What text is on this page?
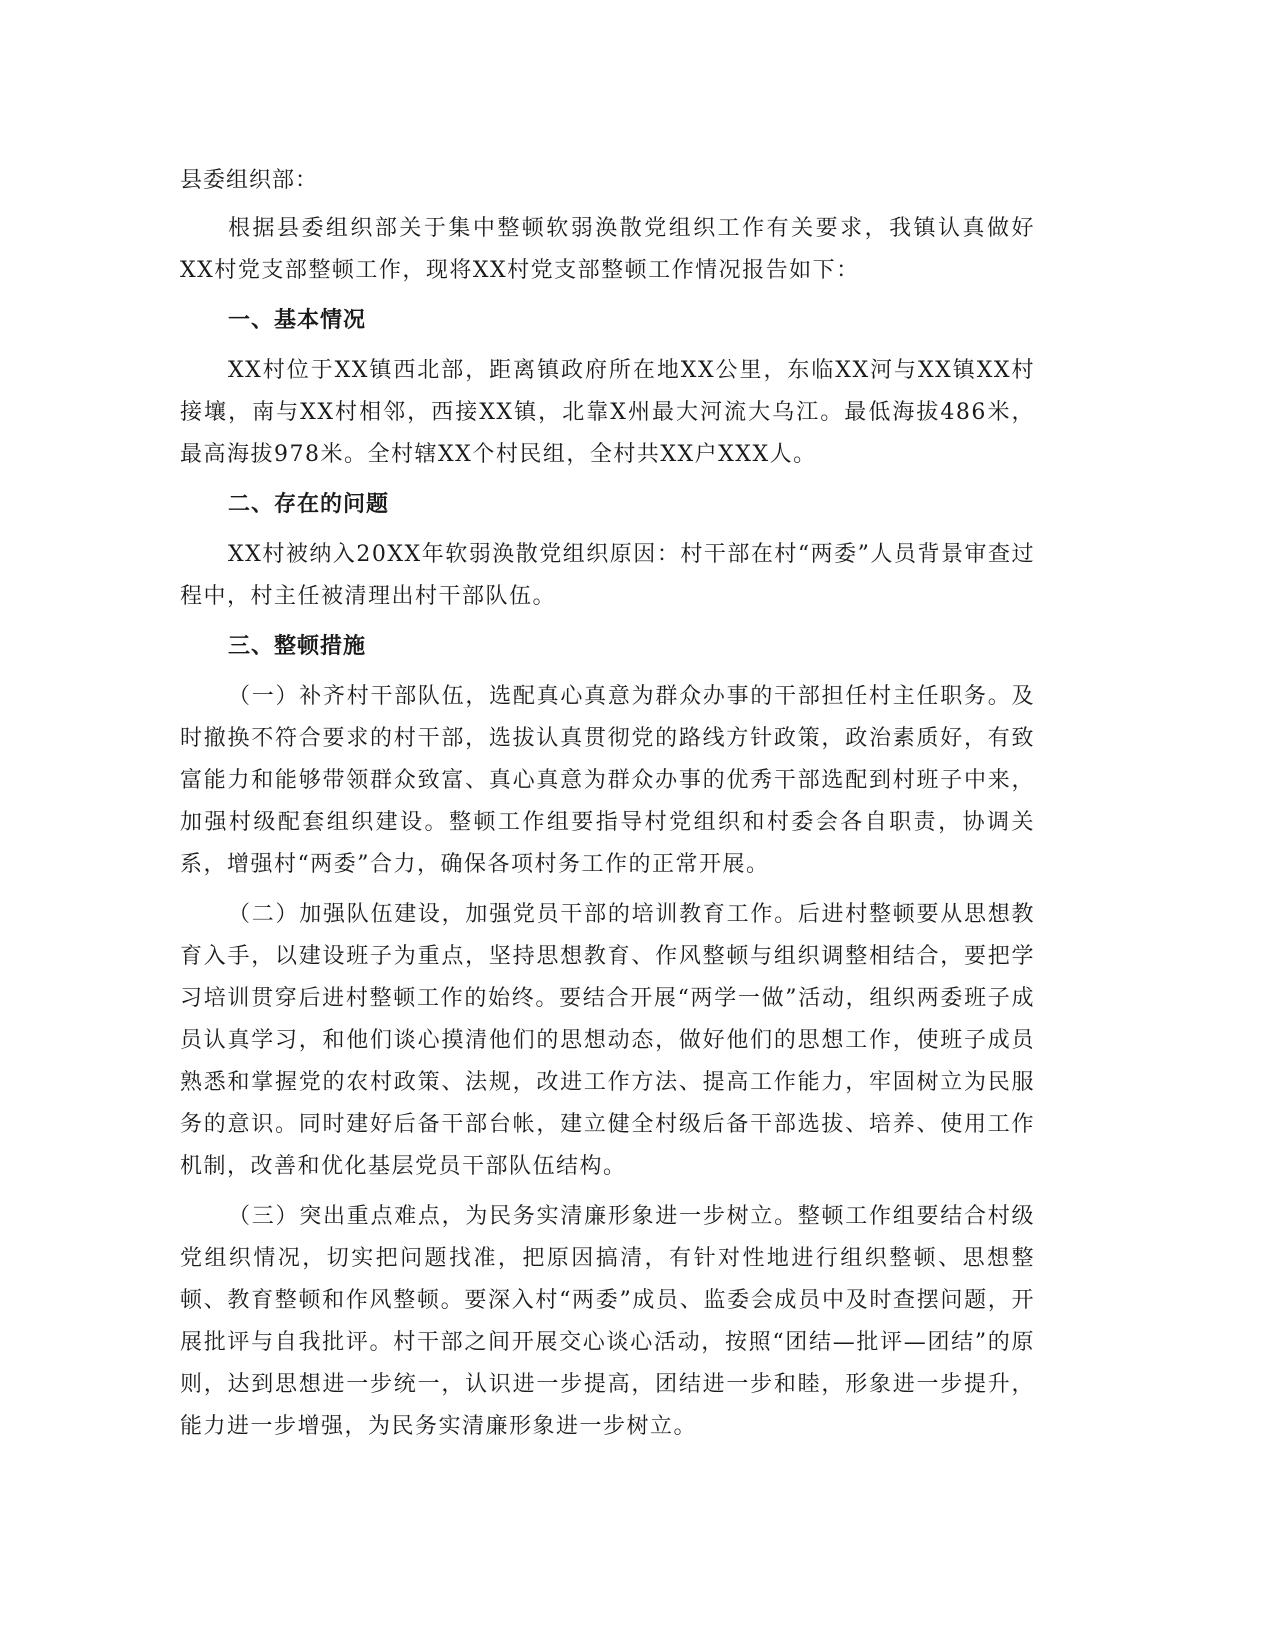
县委组织部：

根据县委组织部关于集中整顿软弱涣散党组织工作有关要求，我镇认真做好XX村党支部整顿工作，现将XX村党支部整顿工作情况报告如下：

一、基本情况

XX村位于XX镇西北部，距离镇政府所在地XX公里，东临XX河与XX镇XX村接壤，南与XX村相邻，西接XX镇，北靠X州最大河流大乌江。最低海拔486米，最高海拔978米。全村辖XX个村民组，全村共XX户XXX人。

二、存在的问题

XX村被纳入20XX年软弱涣散党组织原因：村干部在村“两委”人员背景审查过程中，村主任被清理出村干部队伍。

三、整顿措施

（一）补齐村干部队伍，选配真心真意为群众办事的干部担任村主任职务。及时撤换不符合要求的村干部，选拔认真贯彻党的路线方针政策，政治素质好，有致富能力和能够带领群众致富、真心真意为群众办事的优秀干部选配到村班子中来，加强村级配套组织建设。整顿工作组要指导村党组织和村委会各自职责，协调关系，增强村“两委”合力，确保各项村务工作的正常开展。

（二）加强队伍建设，加强党员干部的培训教育工作。后进村整顿要从思想教育入手，以建设班子为重点，坚持思想教育、作风整顿与组织调整相结合，要把学习培训贯穿后进村整顿工作的始终。要结合开展“两学一做”活动，组织两委班子成员认真学习，和他们谈心摸清他们的思想动态，做好他们的思想工作，使班子成员熟悉和掌握党的农村政策、法规，改进工作方法、提高工作能力，牢固树立为民服务的意识。同时建好后备干部台帐，建立健全村级后备干部选拔、培养、使用工作机制，改善和优化基层党员干部队伍结构。

（三）突出重点难点，为民务实清廉形象进一步树立。整顿工作组要结合村级党组织情况，切实把问题找准，把原因搞清，有针对性地进行组织整顿、思想整顿、教育整顿和作风整顿。要深入村“两委”成员、监委会成员中及时查摆问题，开展批评与自我批评。村干部之间开展交心谈心活动，按照“团结—批评—团结”的原则，达到思想进一步统一，认识进一步提高，团结进一步和睦，形象进一步提升，能力进一步增强，为民务实清廉形象进一步树立。
